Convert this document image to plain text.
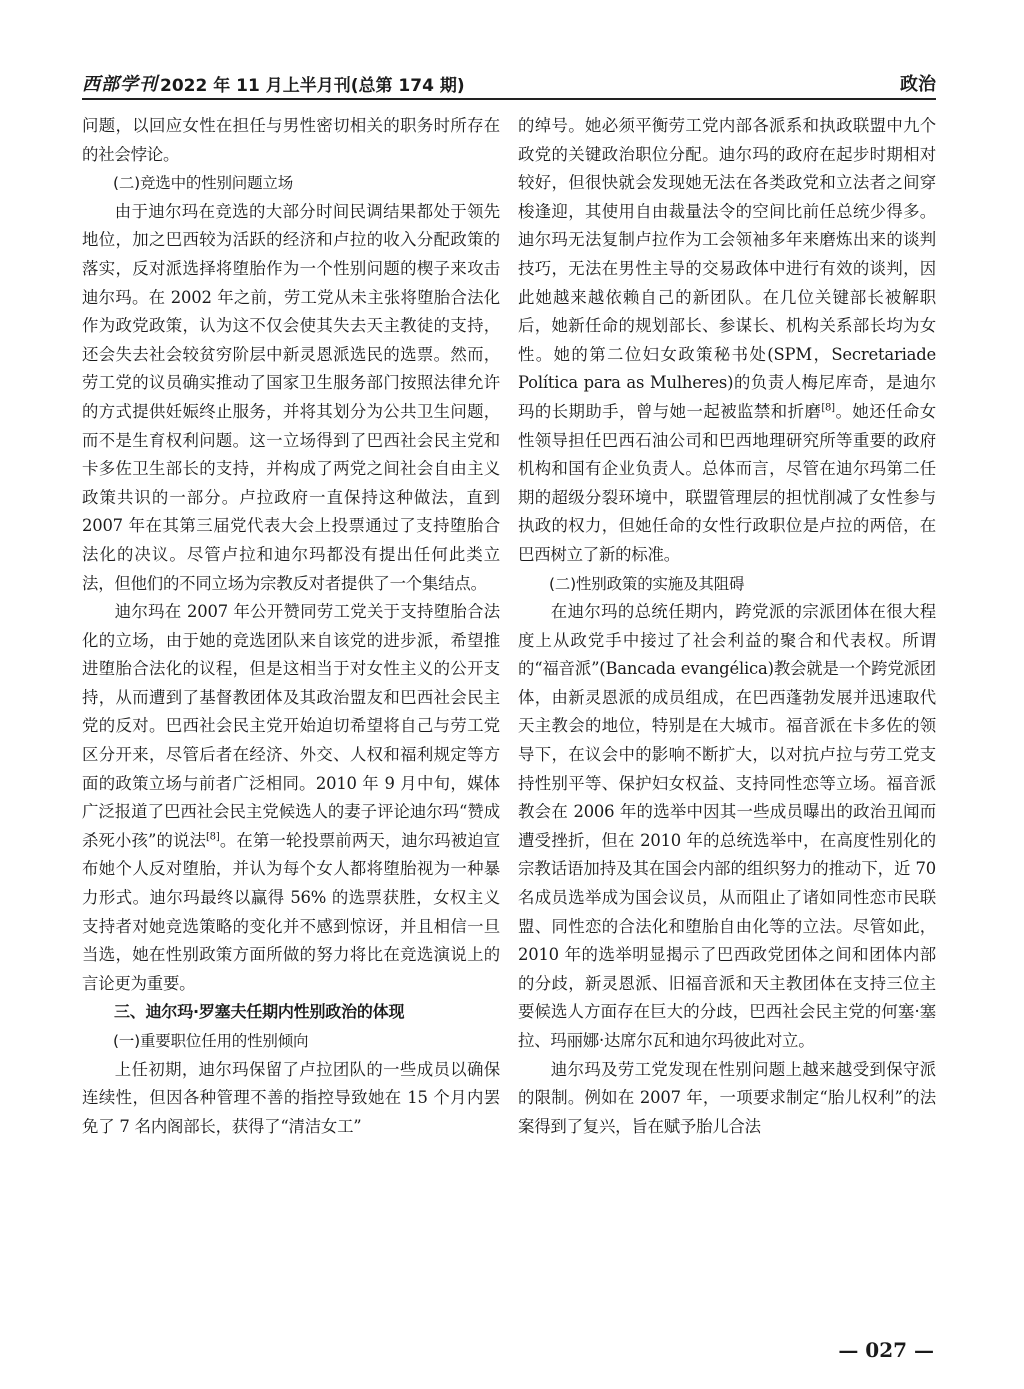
西部学刊 2022 年 11 月上半月刊(总第 174 期)	政治

问题，以回应女性在担任与男性密切相关的职务时所存在的社会悖论。

(二)竞选中的性别问题立场

由于迪尔玛在竞选的大部分时间民调结果都处于领先地位，加之巴西较为活跃的经济和卢拉的收入分配政策的落实，反对派选择将堕胎作为一个性别问题的楔子来攻击迪尔玛。在 2002 年之前，劳工党从未主张将堕胎合法化作为政党政策，认为这不仅会使其失去天主教徒的支持，还会失去社会较贫穷阶层中新灵恩派选民的选票。然而，劳工党的议员确实推动了国家卫生服务部门按照法律允许的方式提供妊娠终止服务，并将其划分为公共卫生问题，而不是生育权利问题。这一立场得到了巴西社会民主党和卡多佐卫生部长的支持，并构成了两党之间社会自由主义政策共识的一部分。卢拉政府一直保持这种做法，直到 2007 年在其第三届党代表大会上投票通过了支持堕胎合法化的决议。尽管卢拉和迪尔玛都没有提出任何此类立法，但他们的不同立场为宗教反对者提供了一个集结点。

迪尔玛在 2007 年公开赞同劳工党关于支持堕胎合法化的立场，由于她的竞选团队来自该党的进步派，希望推进堕胎合法化的议程，但是这相当于对女性主义的公开支持，从而遭到了基督教团体及其政治盟友和巴西社会民主党的反对。巴西社会民主党开始迫切希望将自己与劳工党区分开来，尽管后者在经济、外交、人权和福利规定等方面的政策立场与前者广泛相同。2010 年 9 月中旬，媒体广泛报道了巴西社会民主党候选人的妻子评论迪尔玛“赞成杀死小孩”的说法[8]。在第一轮投票前两天，迪尔玛被迫宣布她个人反对堕胎，并认为每个女人都将堕胎视为一种暴力形式。迪尔玛最终以赢得 56% 的选票获胜，女权主义支持者对她竞选策略的变化并不感到惊讶，并且相信一旦当选，她在性别政策方面所做的努力将比在竞选演说上的言论更为重要。

三、迪尔玛·罗塞夫任期内性别政治的体现

(一)重要职位任用的性别倾向

上任初期，迪尔玛保留了卢拉团队的一些成员以确保连续性，但因各种管理不善的指控导致她在 15 个月内罢免了 7 名内阁部长，获得了“清洁女工”

的绰号。她必须平衡劳工党内部各派系和执政联盟中九个政党的关键政治职位分配。迪尔玛的政府在起步时期相对较好，但很快就会发现她无法在各类政党和立法者之间穿梭逢迎，其使用自由裁量法令的空间比前任总统少得多。迪尔玛无法复制卢拉作为工会领袖多年来磨炼出来的谈判技巧，无法在男性主导的交易政体中进行有效的谈判，因此她越来越依赖自己的新团队。在几位关键部长被解职后，她新任命的规划部长、参谋长、机构关系部长均为女性。她的第二位妇女政策秘书处(SPM，Secretariade Política para as Mulheres)的负责人梅尼库奇，是迪尔玛的长期助手，曾与她一起被监禁和折磨[8]。她还任命女性领导担任巴西石油公司和巴西地理研究所等重要的政府机构和国有企业负责人。总体而言，尽管在迪尔玛第二任期的超级分裂环境中，联盟管理层的担忧削减了女性参与执政的权力，但她任命的女性行政职位是卢拉的两倍，在巴西树立了新的标准。

(二)性别政策的实施及其阻碍

在迪尔玛的总统任期内，跨党派的宗派团体在很大程度上从政党手中接过了社会利益的聚合和代表权。所谓的“福音派”(Bancada evangélica)教会就是一个跨党派团体，由新灵恩派的成员组成，在巴西蓬勃发展并迅速取代天主教会的地位，特别是在大城市。福音派在卡多佐的领导下，在议会中的影响不断扩大，以对抗卢拉与劳工党支持性别平等、保护妇女权益、支持同性恋等立场。福音派教会在 2006 年的选举中因其一些成员曝出的政治丑闻而遭受挫折，但在 2010 年的总统选举中，在高度性别化的宗教话语加持及其在国会内部的组织努力的推动下，近 70 名成员选举成为国会议员，从而阻止了诸如同性恋市民联盟、同性恋的合法化和堕胎自由化等的立法。尽管如此，2010 年的选举明显揭示了巴西政党团体之间和团体内部的分歧，新灵恩派、旧福音派和天主教团体在支持三位主要候选人方面存在巨大的分歧，巴西社会民主党的何塞·塞拉、玛丽娜·达席尔瓦和迪尔玛彼此对立。

迪尔玛及劳工党发现在性别问题上越来越受到保守派的限制。例如在 2007 年，一项要求制定“胎儿权利”的法案得到了复兴，旨在赋予胎儿合法

— 027 —
